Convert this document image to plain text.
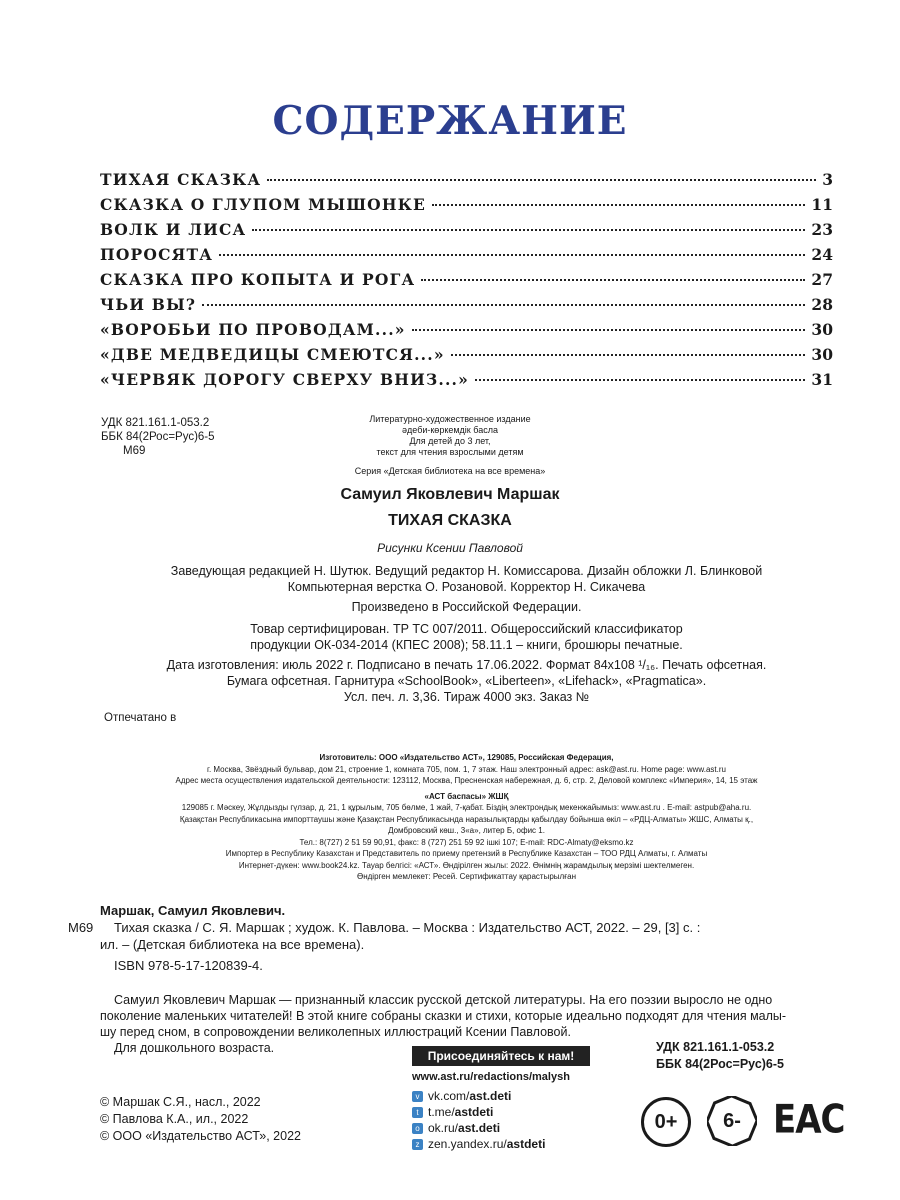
СОДЕРЖАНИЕ
ТИХАЯ СКАЗКА	3
СКАЗКА О ГЛУПОМ МЫШОНКЕ	11
ВОЛК И ЛИСА	23
ПОРОСЯТА	24
СКАЗКА ПРО КОПЫТА И РОГА	27
ЧЬИ ВЫ?	28
«ВОРОБЬИ ПО ПРОВОДАМ...»	30
«ДВЕ МЕДВЕДИЦЫ СМЕЮТСЯ...»	30
«ЧЕРВЯК ДОРОГУ СВЕРХУ ВНИЗ...»	31
УДК 821.161.1-053.2
ББК 84(2Рос=Рус)6-5
М69
Литературно-художественное издание
әдеби-көркемдік басла
Для детей до 3 лет,
текст для чтения взрослыми детям
Серия «Детская библиотека на все времена»
Самуил Яковлевич Маршак
ТИХАЯ СКАЗКА
Рисунки Ксении Павловой
Заведующая редакцией Н. Шутюк. Ведущий редактор Н. Комиссарова. Дизайн обложки Л. Блинковой
Компьютерная верстка О. Розановой. Корректор Н. Сикачева
Произведено в Российской Федерации.
Товар сертифицирован. ТР ТС 007/2011. Общероссийский классификатор
продукции ОК-034-2014 (КПЕС 2008); 58.11.1 – книги, брошюры печатные.
Дата изготовления: июль 2022 г. Подписано в печать 17.06.2022. Формат 84x108 ¹/₁₆. Печать офсетная.
Бумага офсетная. Гарнитура «SchoolBook», «Liberteen», «Lifehack», «Pragmatica».
Усл. печ. л. 3,36. Тираж 4000 экз. Заказ №
Отпечатано в
Изготовитель: ООО «Издательство АСТ», 129085, Российская Федерация,
г. Москва, Звёздный бульвар, дом 21, строение 1, комната 705, пом. 1, 7 этаж. Наш электронный адрес: ask@ast.ru. Home page: www.ast.ru
Адрес места осуществления издательской деятельности: 123112, Москва, Пресненская набережная, д. 6, стр. 2, Деловой комплекс «Империя», 14, 15 этаж
«АСТ баспасы» ЖШҚ
129085 г. Мәскеу, Жұлдызды гүлзар, д. 21, 1 құрылым, 705 бөлме, 1 жай, 7-қабат. Біздің электрондық мекенжайымыз: www.ast.ru . E-mail: astpub@aha.ru.
Қазақстан Республикасына импорттаушы және Қазақстан Республикасында наразылықтарды қабылдау бойынша өкіл – «РДЦ-Алматы» ЖШС, Алматы қ.,
Домбровский көш., 3«а», литер Б, офис 1.
Тел.: 8(727) 2 51 59 90,91, факс: 8 (727) 251 59 92 ішкі 107; E-mail: RDC-Almaty@eksmo.kz
Импортер в Республику Казахстан и Представитель по приему претензий в Республике Казахстан – ТОО РДЦ Алматы, г. Алматы
Интернет-дүкен: www.book24.kz. Тауар белгісі: «АСТ». Өндірілген жылы: 2022. Өнімнің жарамдылық мерзімі шектелмеген.
Өндірген мемлекет: Ресей. Сертификаттау қарастырылған
Маршак, Самуил Яковлевич.
М69	Тихая сказка / С. Я. Маршак ; худож. К. Павлова. – Москва : Издательство АСТ, 2022. – 29, [3] с. :
ил. – (Детская библиотека на все времена).
ISBN 978-5-17-120839-4.
Самуил Яковлевич Маршак — признанный классик русской детской литературы. На его поэзии выросло не одно
поколение маленьких читателей! В этой книге собраны сказки и стихи, которые идеально подходят для чтения малы-
шу перед сном, в сопровождении великолепных иллюстраций Ксении Павловой.
Для дошкольного возраста.
Присоединяйтесь к нам!
www.ast.ru/redactions/malysh
v vk.com/ ast.deti
t t.me/ astdeti
o ok.ru/ ast.deti
z zen.yandex.ru/ astdeti
© Маршак С.Я., насл., 2022
© Павлова К.А., ил., 2022
© ООО «Издательство АСТ», 2022
УДК 821.161.1-053.2
ББК 84(2Рос=Рус)6-5
0+	6- EAC
